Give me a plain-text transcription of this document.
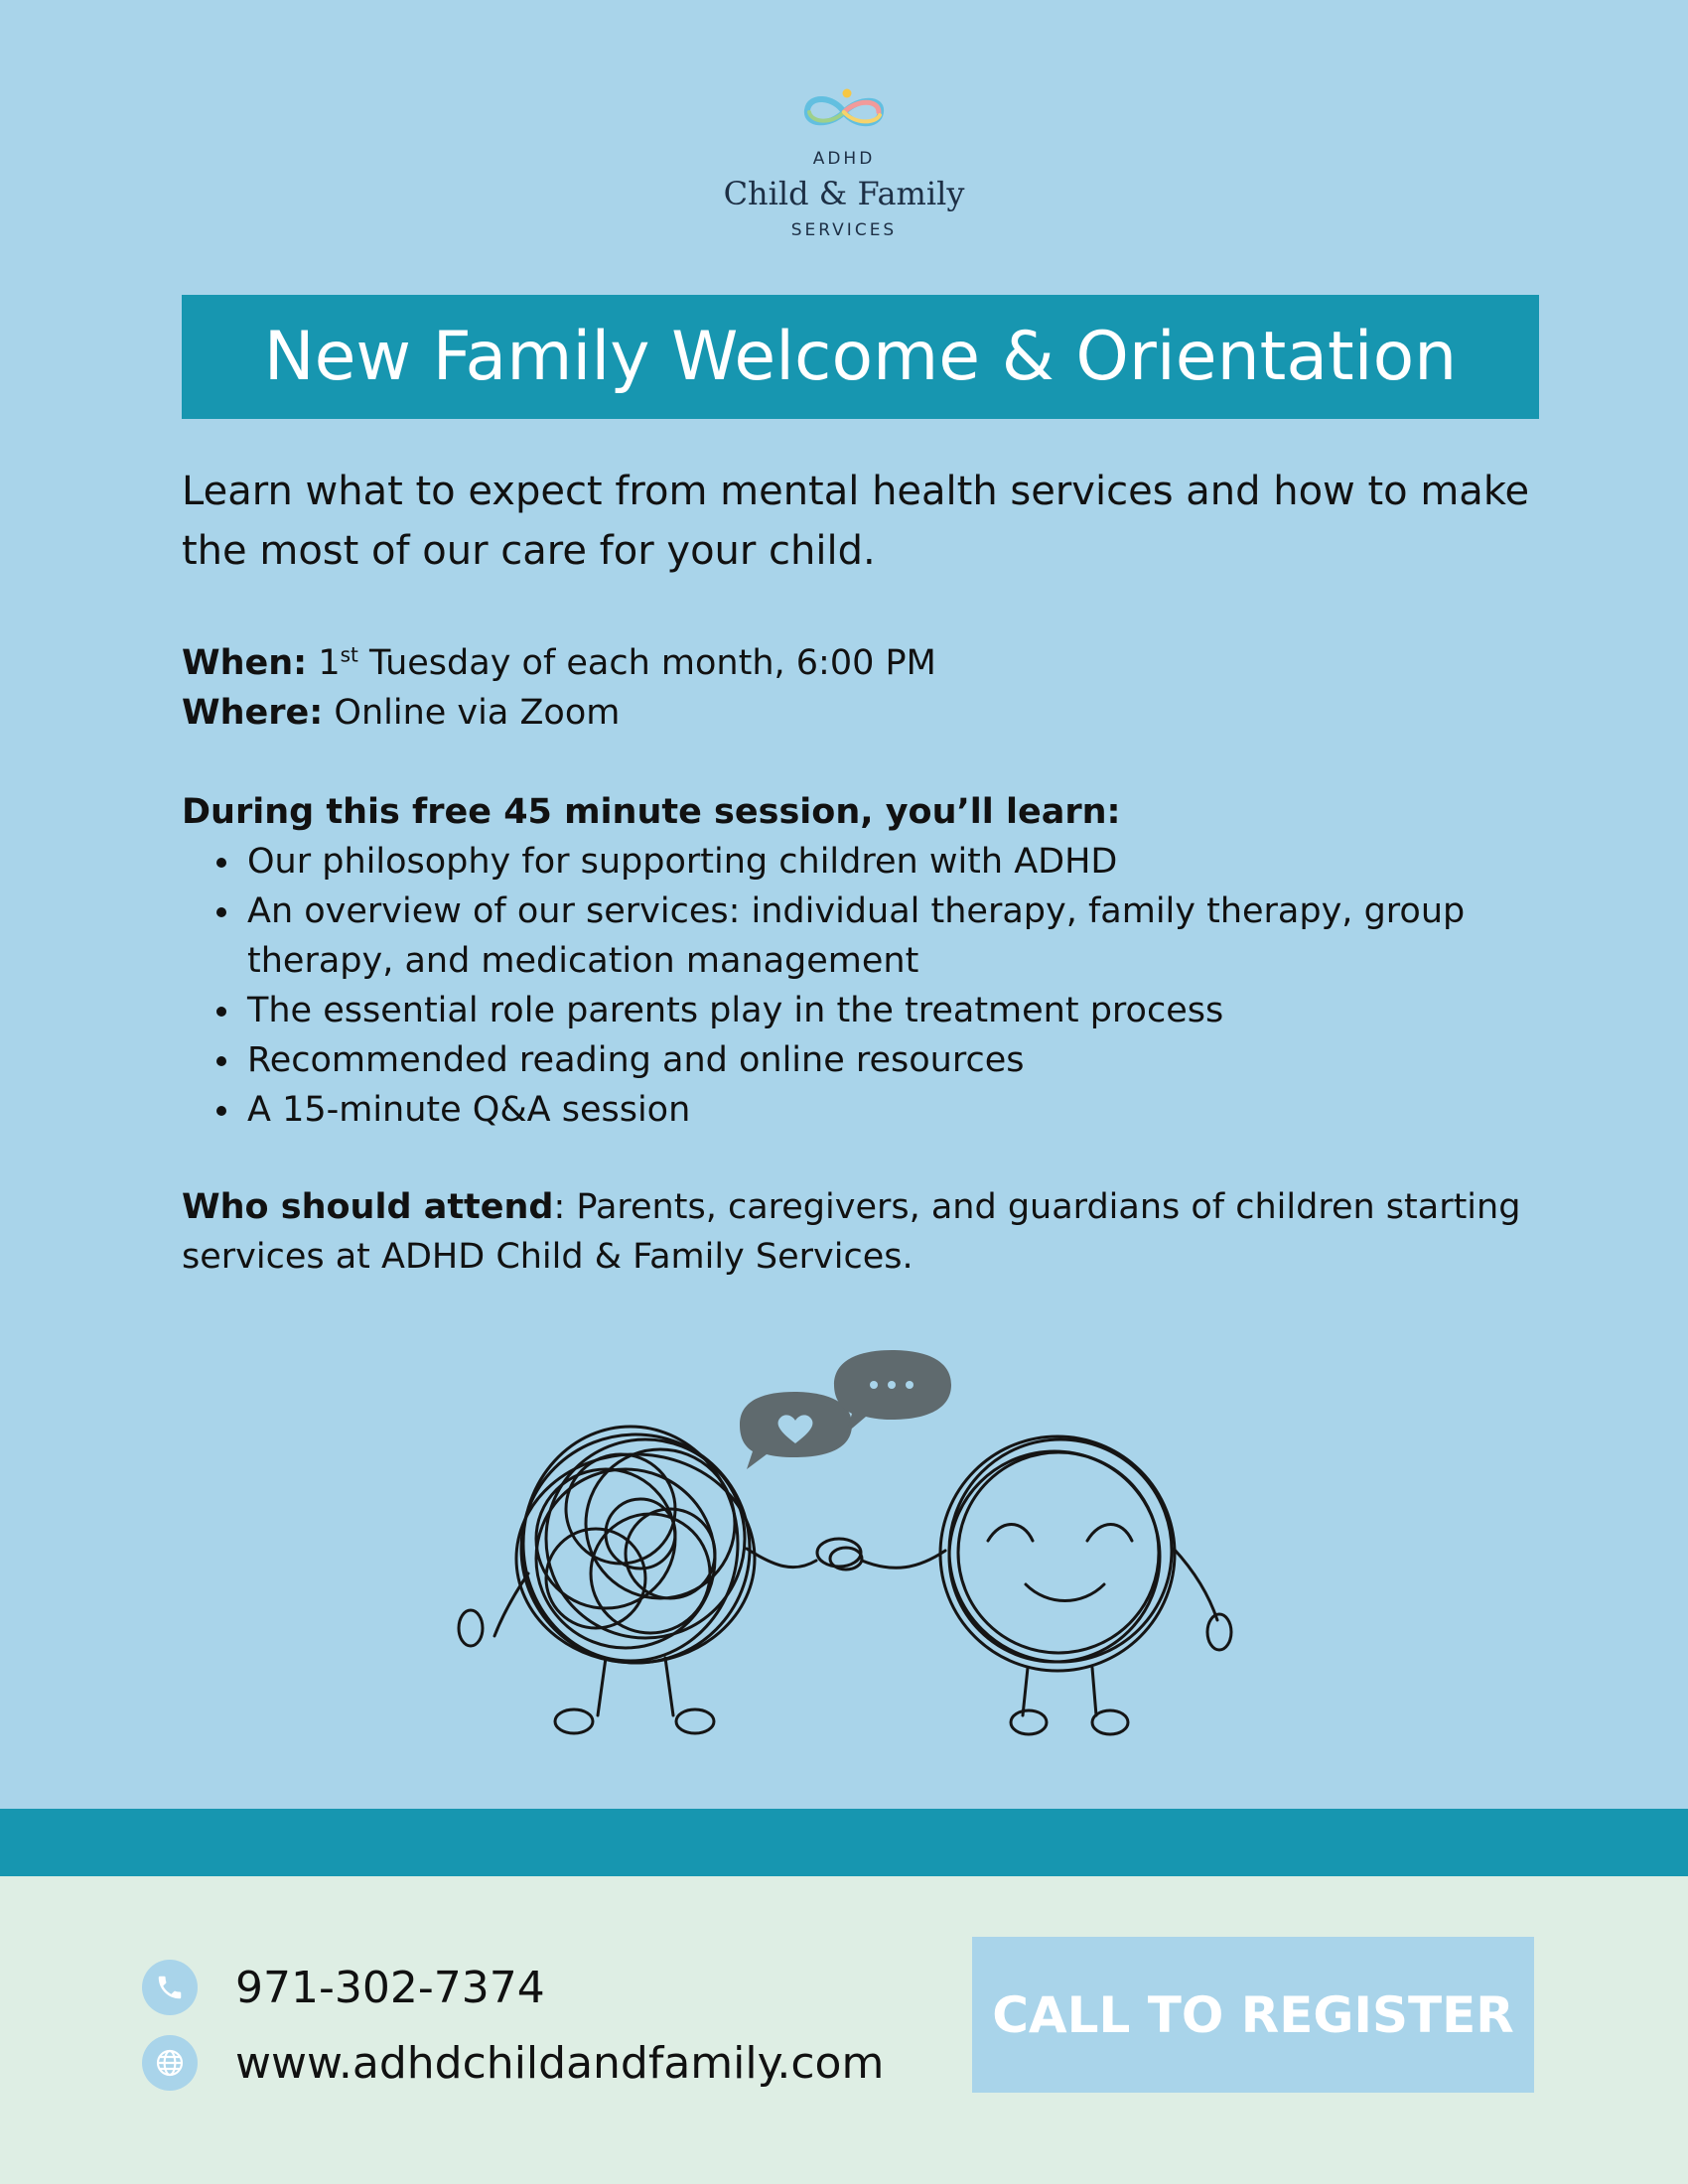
ADHD
Child & Family
SERVICES
New Family Welcome & Orientation

Learn what to expect from mental health services and how to make the most of our care for your child.

When: 1st Tuesday of each month, 6:00 PM
Where: Online via Zoom
During this free 45 minute session, you’ll learn:
• Our philosophy for supporting children with ADHD
• An overview of our services: individual therapy, family therapy, group therapy, and medication management
• The essential role parents play in the treatment process
• Recommended reading and online resources
• A 15-minute Q&A session
Who should attend: Parents, caregivers, and guardians of children starting services at ADHD Child & Family Services.
971-302-7374
www.adhdchildandfamily.com
CALL TO REGISTER
